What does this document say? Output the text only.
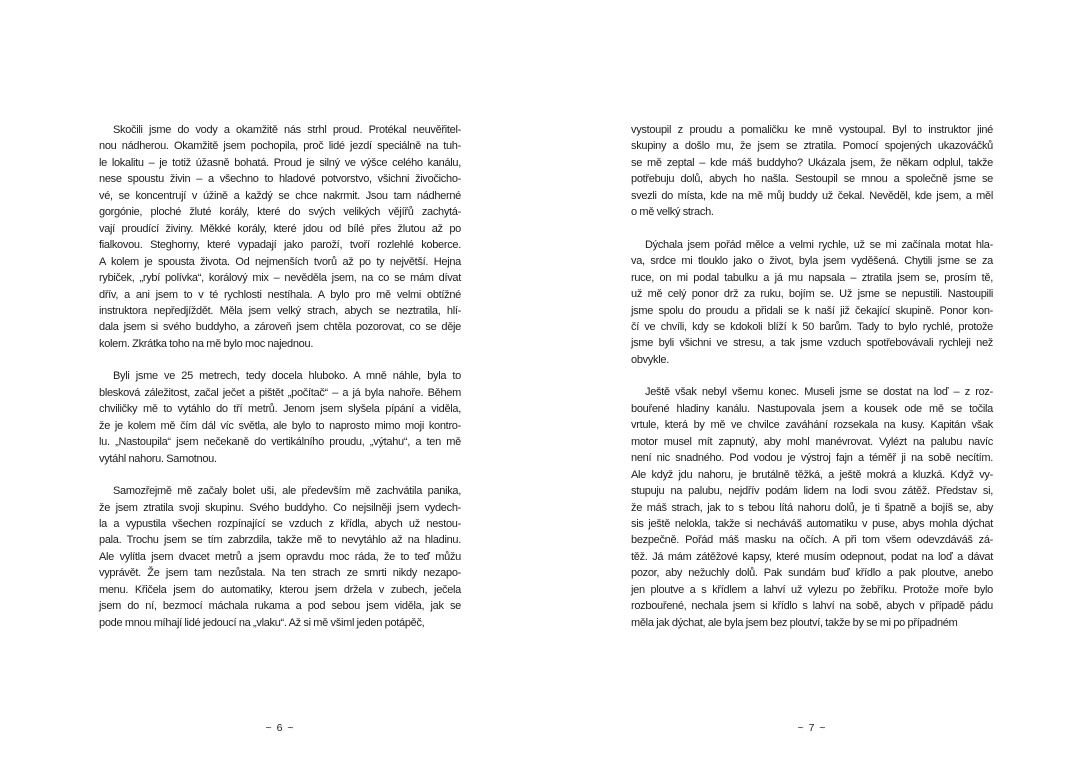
Skočili jsme do vody a okamžitě nás strhl proud. Protékal neuvěřitel-
nou nádherou. Okamžitě jsem pochopila, proč lidé jezdí speciálně na tuh-
le lokalitu – je totiž úžasně bohatá. Proud je silný ve výšce celého kanálu,
nese spoustu živin – a všechno to hladové potvorstvo, všichni živočicho-
vé, se koncentrují v úžině a každý se chce nakrmit. Jsou tam nádherné
gorgónie, ploché žluté korály, které do svých velikých vějířů zachytá-
vají proudící živiny. Měkké korály, které jdou od bílé přes žlutou až po
fialkovou. Steghorny, které vypadají jako paroží, tvoří rozlehlé koberce.
A kolem je spousta života. Od nejmenších tvorů až po ty největší. Hejna
rybiček, „rybí polívka“, korálový mix – nevěděla jsem, na co se mám dívat
dřív, a ani jsem to v té rychlosti nestíhala. A bylo pro mě velmi obtížné
instruktora nepředjíždět. Měla jsem velký strach, abych se neztratila, hlí-
dala jsem si svého buddyho, a zároveň jsem chtěla pozorovat, co se děje
kolem. Zkrátka toho na mě bylo moc najednou.
Byli jsme ve 25 metrech, tedy docela hluboko. A mně náhle, byla to
blesková záležitost, začal ječet a pištět „počítač“ – a já byla nahoře. Během
chviličky mě to vytáhlo do tří metrů. Jenom jsem slyšela pípání a viděla,
že je kolem mě čím dál víc světla, ale bylo to naprosto mimo moji kontro-
lu. „Nastoupila“ jsem nečekaně do vertikálního proudu, „výtahu“, a ten mě
vytáhl nahoru. Samotnou.
Samozřejmě mě začaly bolet uši, ale především mě zachvátila panika,
že jsem ztratila svoji skupinu. Svého buddyho. Co nejsilněji jsem vydech-
la a vypustila všechen rozpínající se vzduch z křídla, abych už nestou-
pala. Trochu jsem se tím zabrzdila, takže mě to nevytáhlo až na hladinu.
Ale vylítla jsem dvacet metrů a jsem opravdu moc ráda, že to teď můžu
vyprávět. Že jsem tam nezůstala. Na ten strach ze smrti nikdy nezapo-
menu. Křičela jsem do automatiky, kterou jsem držela v zubech, ječela
jsem do ní, bezmocí máchala rukama a pod sebou jsem viděla, jak se
pode mnou míhají lidé jedoucí na „vlaku“. Až si mě všiml jeden potápěč,
vystoupil z proudu a pomaličku ke mně vystoupal. Byl to instruktor jiné
skupiny a došlo mu, že jsem se ztratila. Pomocí spojených ukazováčků
se mě zeptal – kde máš buddyho? Ukázala jsem, že někam odplul, takže
potřebuju dolů, abych ho našla. Sestoupil se mnou a společně jsme se
svezli do místa, kde na mě můj buddy už čekal. Nevěděl, kde jsem, a měl
o mě velký strach.
Dýchala jsem pořád mělce a velmi rychle, už se mi začínala motat hla-
va, srdce mi tlouklo jako o život, byla jsem vyděšená. Chytili jsme se za
ruce, on mi podal tabulku a já mu napsala – ztratila jsem se, prosím tě,
už mě celý ponor drž za ruku, bojím se. Už jsme se nepustili. Nastoupili
jsme spolu do proudu a přidali se k naší již čekající skupině. Ponor kon-
čí ve chvíli, kdy se kdokoli blíží k 50 barům. Tady to bylo rychlé, protože
jsme byli všichni ve stresu, a tak jsme vzduch spotřebovávali rychleji než
obvykle.
Ještě však nebyl všemu konec. Museli jsme se dostat na loď – z roz-
bouřené hladiny kanálu. Nastupovala jsem a kousek ode mě se točila
vrtule, která by mě ve chvilce zaváhání rozsekala na kusy. Kapitán však
motor musel mít zapnutý, aby mohl manévrovat. Vylézt na palubu navíc
není nic snadného. Pod vodou je výstroj fajn a téměř ji na sobě necítím.
Ale když jdu nahoru, je brutálně těžká, a ještě mokrá a kluzká. Když vy-
stupuju na palubu, nejdřív podám lidem na lodi svou zátěž. Představ si,
že máš strach, jak to s tebou lítá nahoru dolů, je ti špatně a bojíš se, aby
sis ještě nelokla, takže si necháváš automatiku v puse, abys mohla dýchat
bezpečně. Pořád máš masku na očích. A při tom všem odevzdáváš zá-
těž. Já mám zátěžové kapsy, které musím odepnout, podat na loď a dávat
pozor, aby nežuchly dolů. Pak sundám buď křídlo a pak ploutve, anebo
jen ploutve a s křídlem a lahví už vylezu po žebříku. Protože moře bylo
rozbouřené, nechala jsem si křídlo s lahví na sobě, abych v případě pádu
měla jak dýchat, ale byla jsem bez ploutví, takže by se mi po případném
~ 6 ~	~ 7 ~
